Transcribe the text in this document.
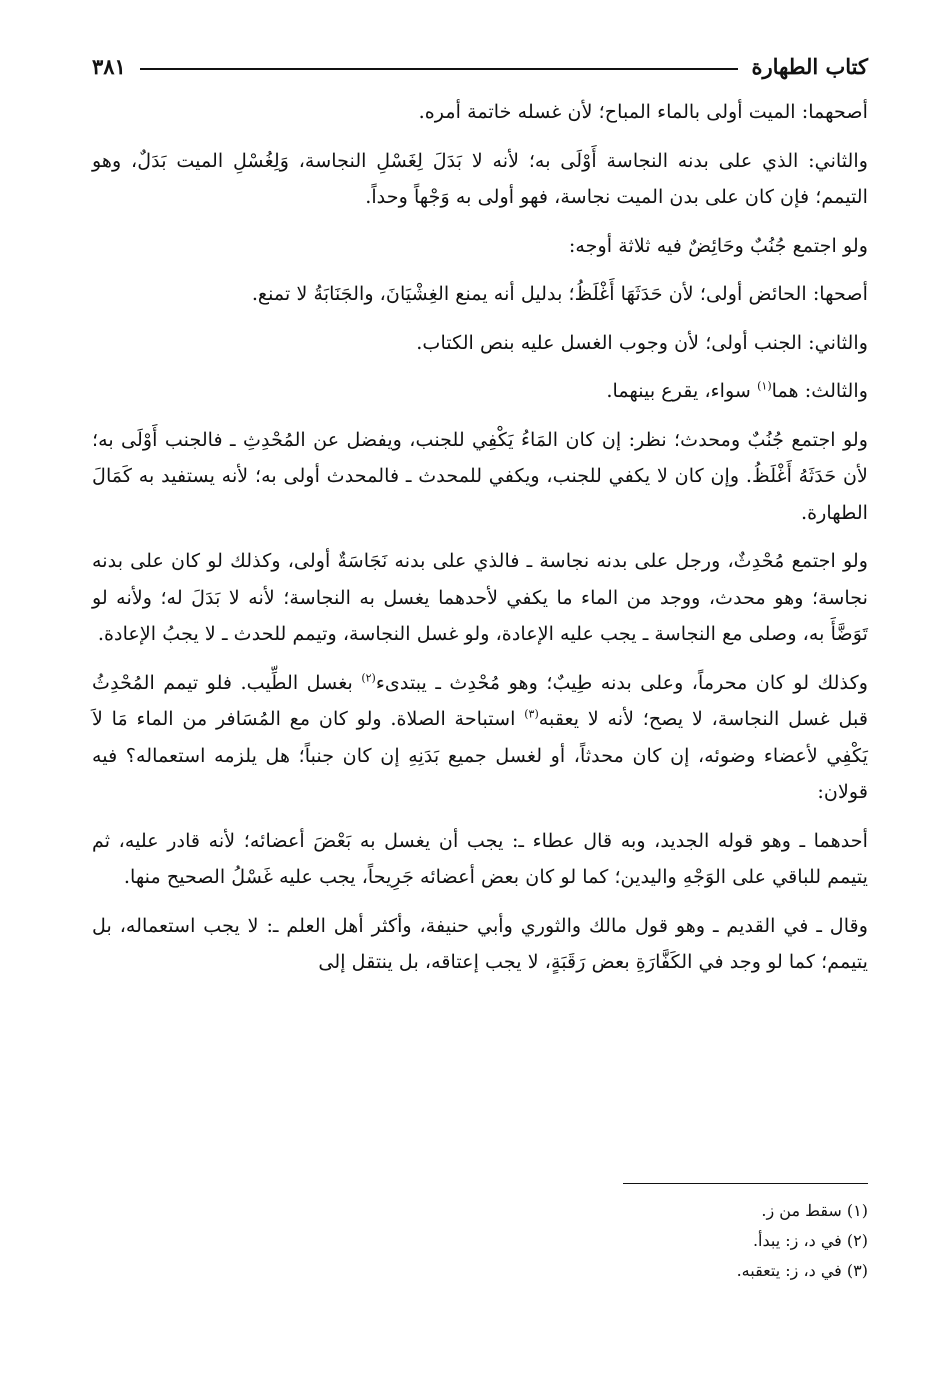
كتاب الطهارة
٣٨١

أصحهما: الميت أولى بالماء المباح؛ لأن غسله خاتمة أمره.

والثاني: الذي على بدنه النجاسة أَوْلَى به؛ لأنه لا بَدَلَ لِغَسْلِ النجاسة، وَلِغُسْلِ الميت بَدَلٌ، وهو التيمم؛ فإن كان على بدن الميت نجاسة، فهو أولى به وَجْهاً وحداً.

ولو اجتمع جُنُبٌ وحَائِضٌ فيه ثلاثة أوجه:

أصحها: الحائض أولى؛ لأن حَدَثَهَا أَغْلَظُ؛ بدليل أنه يمنع الغِشْيَانَ، والجَنَابَةُ لا تمنع.

والثاني: الجنب أولى؛ لأن وجوب الغسل عليه بنص الكتاب.

والثالث: هما$^{(١)}$ سواء، يقرع بينهما.

ولو اجتمع جُنُبٌ ومحدث؛ نظر: إن كان المَاءُ يَكْفِي للجنب، ويفضل عن المُحْدِثِ ـ فالجنب أَوْلَى به؛ لأن حَدَثَهُ أَغْلَظُ. وإن كان لا يكفي للجنب، ويكفي للمحدث ـ فالمحدث أولى به؛ لأنه يستفيد به كَمَالَ الطهارة.

ولو اجتمع مُحْدِثٌ، ورجل على بدنه نجاسة ـ فالذي على بدنه نَجَاسَةٌ أولى، وكذلك لو كان على بدنه نجاسة؛ وهو محدث، ووجد من الماء ما يكفي لأحدهما يغسل به النجاسة؛ لأنه لا بَدَلَ له؛ ولأنه لو تَوَضَّأَ به، وصلى مع النجاسة ـ يجب عليه الإعادة، ولو غسل النجاسة، وتيمم للحدث ـ لا يجبُ الإعادة.

وكذلك لو كان محرماً، وعلى بدنه طِيبٌ؛ وهو مُحْدِث ـ يبتدىء$^{(٢)}$ بغسل الطِّيب. فلو تيمم المُحْدِثُ قبل غسل النجاسة، لا يصح؛ لأنه لا يعقبه$^{(٣)}$ استباحة الصلاة. ولو كان مع المُسَافر من الماء مَا لاَ يَكْفِي لأعضاء وضوئه، إن كان محدثاً، أو لغسل جميع بَدَنِهِ إن كان جنباً؛ هل يلزمه استعماله؟ فيه قولان:

أحدهما ـ وهو قوله الجديد، وبه قال عطاء ـ: يجب أن يغسل به بَعْضَ أعضائه؛ لأنه قادر عليه، ثم يتيمم للباقي على الوَجْهِ واليدين؛ كما لو كان بعض أعضائه جَرِيحاً، يجب عليه غَسْلُ الصحيح منها.

وقال ـ في القديم ـ وهو قول مالك والثوري وأبي حنيفة، وأكثر أهل العلم ـ: لا يجب استعماله، بل يتيمم؛ كما لو وجد في الكَفَّارَةِ بعض رَقَبَةٍ، لا يجب إعتاقه، بل ينتقل إلى

(١) سقط من ز.

(٢) في د، ز: يبدأ.

(٣) في د، ز: يتعقبه.
